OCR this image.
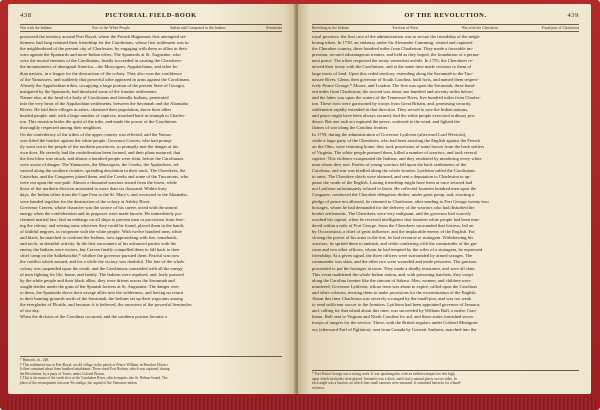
438	PICTORIAL FIELD-BOOK
War with the Indians	Fort of the White People	Indian and Comprised in the Indians	Seminoles
possessed the territory around Port Royal, where the French Huguenots first attempted set-
tlement, had long retained their friendship for the Carolinians, whose first settlement was in
the neighborhood of the present city of Charleston, by engaging with them as allies in their
wars against the Spaniards and more Indian tribes. The Spaniards at St. Augustine, who
were the mortal enemies of the Carolinians, finally succeeded in causing the Cherokees-
the mountaineers of aboriginal America—the Muscogees, Appalachians, and other In-
dian nations, in a league for the destruction of the colony. They also won the confidence
of the Yamassees, and suddenly that powerful tribe appeared in arms against the Carolinians.
Already the Appalachian tribes, occupying a large portion of the present State of Georgia,
instigated by the Spaniards, had desolated some of the frontier settlements.
Nature also, at the head of a body of Carolinians and friendly Indians, penetrated
into the very heart of the Appalachian settlements, between the Savannah and the Altamaha
Rivers. He laid their villages in ashes, chastised their population, drove their allies
headed people; and, with a large number of captives, marched back in triumph to Charles-
ton. This invasion broke the spirit of the tribe, and made the power of the Carolinians
thoroughly respected among their neighbors.
On the confederacy of the tribes of the upper country was effected, and the Yamas-
sees lifted the hatchet against the white people. Governor Craven, who had promp-
tly went out to the people of the northern provinces, so promptly met the danger at his
own door. He secretly had the confederation been formed, and their plans matured, that
the first blow was struck, and almost a hundred people were slain, before the Carolinians
were aware of danger. The Yamassees, the Muscogees, the Creeks, the Apalachees, ad-
vanced along the southern frontier, spreading desolation in their track. The Cherokees, the
Catawbas, and the Congarees joined them, and the Creeks and some of the Tuscaroras, who
were out upon the war-path. Almost a thousand warriors issued from the forest, while
those of the northern division amounted to more than six thousand. Within forty
days, the Indian tribes from the Cape Fear to the St. Mary's, and westward to the Altamaha,
were banded together for the destruction of the colony at Ashley River.
Governor Craven, whose character was the source of his career, acted with the utmost
energy when the confederation and its purposes were made known. He immediately pro-
claimed martial law; laid an embargo on all ships to prevent men or provisions from leav-
ing the colony; and seizing arms wherever they could be found, placed them in the hands
of faithful negroes, to cooperate with the white people. With twelve hundred men, white
and black, he marched to confront the Indians, now approaching with fire, tomahawk,
and torch, in dreadful activity. In the first encounters of his advanced parties with the
enemy the Indians were victors, but Craven finally compelled them to fall back to their
chief camp on the Salkehatchie,* whither the governor pursued them. Fearful was now
the conflict which ensued, and for a while the victory was doubtful. The fate of the whole
colony was suspended upon the result, and the Carolinians contended with all the energy
of men fighting for life, home, and family. The Indians were repulsed, and, hotly pursued
by the white people and their black allies, they were driven across the Savannah and
sought shelter under the guns of the Spanish fortress at St. Augustine. The danger over
to them, the Spaniards drove their savage allies into the wilderness, and having no return
to their hunting-grounds north of the Savannah, the Indians set up their wigwams among
the everglades of Florida, and became, it is believed, the ancestors of the powerful Seminoles
of our day.
When the division of the Carolinas occurred, and the southern portion became a
* Bancroft, iii., 248.
† This settlement was at Port-Royal, on old village in the parish of Prince William, in Beaufort District.
It then contained about three hundred inhabitants. There stood Fort Rodney, which was captured, during
the Revolution, by a party of Tories, under Colonel Brown.
‡ This is the name of the creek first of the Combahee River, which empties into St. Helena Sound. The
place of the encampment was near Pocotaligo, the capital of the Yamassee nation.
OF THE REVOLUTION.	439
Ravishing in the Indians	Erection of Forts	War with the Cherokees	Fraud port of Charleston
royal province, the first care of the administration was to secure the friendship of the neigh-
boring tribes. In 1730, an embassy under Sir Alexander Cumming, visited and captured
the Cherokee country, three hundred miles from Charleston. They made a favorable im-
pression, secured advantageous treaties, and held as they hoped, the foundation of a perma-
nent peace. The tribes respected the treaty somewhat awhile. In 1755, the Cherokees re-
newed their treaty with the Carolinians, and at the same time made cessions to them of
large tracts of land. Upon this ceded territory, extending along the Savannah to the Tuo-
nassee River, Glenn, then governor of South Carolina, built forts, and named them respect-
ively Prince George,* Moore, and Loudon. The first was upon the Savannah, three hund-
red miles from Charleston; the second was about one hundred and seventy miles below;
and the latter was upon the waters of the Tennessee River, five hundred miles from Charles-
ton. These forts were garrisoned by troops from Great Britain, and, promising security,
settlements rapidly extended in that direction. They served to awe the Indian nations,
and peace might have been always secured, had the white people exercised ordinary pru-
dence. But one rash act ruptured the peace, scattered to the wind, and lighted the
flames of war along the Carolina frontier.
In 1759, during the administration of Governor Lyttleton (afterward Lord Westcott),
while a large party of the Cherokees, who had been assisting the English against the French
on the Ohio, were returning home, they took possession of some horses from the back settlers
of Virginia. The white people pursued them, killed a number of warriors, and took several
captive. This violence exasperated the Indians, and they retaliated by murdering every white
man whom they met. Parties of young warriors fell upon the back settlements of the
Carolinas, and war was kindled along the whole frontier. Lyttleton called the Carolinians
to arms. The Cherokee chiefs were alarmed, and sent a deputation to Charleston to ap-
pease the wrath of the English. Lasting friendship might have been at once secured had
not Lyttleton unfortunately refused to listen. He collected fourteen hundred men upon the
Congaree, conducted the Cherokee delegation thither, under great pomp, and, exacting a
pledge of peace not allowed, he returned to Charleston, after sending to Fort George twenty-two
hostages, whom he had demanded for the delivery of the warriors who had disturbed the
border settlements. The Cherokees were very indignant, and the governor had scarcely
reached his capital, when he received intelligence that fourteen white people had been mur-
dered within a mile of Fort George. Soon the Cherokees surrounded that fortress, led on
by Occonostota, a chief of great influence, and the implacable enemy of the English. For
closing the power of his arms to the fort, he had recourse to stratagem. Withdrawing his
warriors, he sprited them to ambush, and while conferring with the commander of the gar-
rison and two other officers, whom he had tempted by the wiles of a stratagem, be expressed
friendship. At a given signal, the three officers were surrounded by armed savages. The
commander was slain, and the other two were wounded and made prisoners. The garrison
proceeded to put the hostages in irons. They made a deadly resistance, and were all slain.
This event maddened the whole Indian nation, and, with poisoning hatchets, they swept
along the Carolina frontier like the simoon of Sahara. Men, women, and children were
murdered; Governor Lyttleton, whose term was about to expire, called upon the Carolinas
and other colonies, inviting them to make provisions for the extermination of the English.
About this time Charleston was severely scourged by the small-pox, and was too weak
to send sufficient succor to the frontiers. Lyttleton had been appointed governor of Jamaica,
and, calling for that island about this time, was succeeded by William Bull, a native Caro-
linian. Bull sent to Virginia and North Carolina for aid, and these states furnished seven
troops of rangers for the service. These, with the British regulars under Colonel Montgom-
ery (afterward Earl of Eglinton), sent from Canada by General Amherst, marched into the
* Fort Prince George was a strong work. It was quadrangular, with an earthen rampart ten feet high,
upon which stockades were placed. Around it was a ditch, and it had a natural glacis on two sides. In
each angle was a bastion, on which four small cannons were mounted. It contained barracks for a hund-
red men.
